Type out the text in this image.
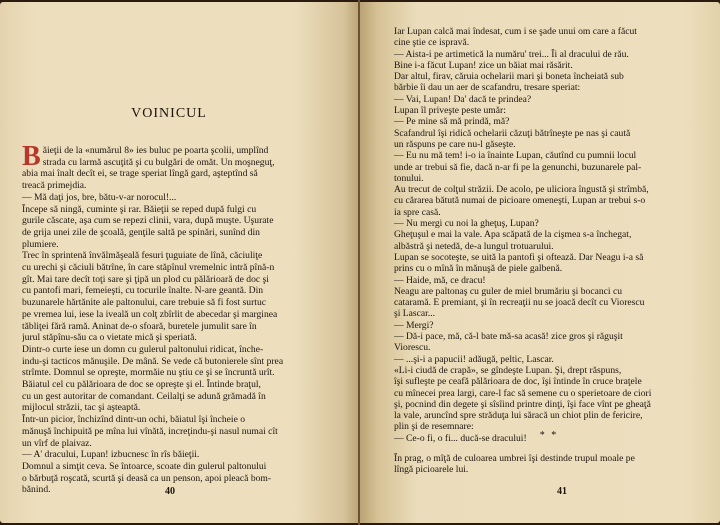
VOINICUL
B ăieţii de la «numărul 8» ies buluc pe poarta şcolii, umplînd
strada cu larmă ascuţită şi cu bulgări de omăt. Un moşneguţ,
abia mai înalt decît ei, se trage speriat lîngă gard, aşteptînd să
treacă primejdia.
— Mă daţi jos, bre, bătu-v-ar norocul!...
Începe să ningă, cuminte şi rar. Băieţii se reped după fulgi cu
gurile căscate, aşa cum se repezi clinii, vara, după muşte. Uşurate
de grija unei zile de şcoală, genţile saltă pe spinări, sunînd din
plumiere.
Trec în sprintenă învălmăşeală fesuri ţuguiate de lînă, căciuliţe
cu urechi şi căciuli bătrîne, în care stăpînul vremelnic intră pînă-n
gît. Mai tare decît toţi sare şi ţipă un plod cu pălărioară de doc şi
cu pantofi mari, femeieşti, cu tocurile înalte. N-are geantă. Din
buzunarele hărtănite ale paltonului, care trebuie să fi fost surtuc
pe vremea lui, iese la iveală un colţ zbîrlit de abecedar şi marginea
tăbliţei fără ramă. Aninat de-o sfoară, buretele jumulit sare în
jurul stăpînu-său ca o vietate mică şi speriată.
Dintr-o curte iese un domn cu gulerul paltonului ridicat, înche-
indu-şi tacticos mănuşile. De mână. Se vede că butonierele sînt prea
strîmte. Domnul se opreşte, mormăie nu ştiu ce şi se încruntă urît.
Băiatul cel cu pălărioara de doc se opreşte şi el. Întinde braţul,
cu un gest autoritar de comandant. Ceilalţi se adună grămadă în
mijlocul străzii, tac şi aşteaptă.
Într-un picior, închizînd dintr-un ochi, băiatul îşi încheie o
mănuşă închipuită pe mîna lui vînătă, increţindu-şi nasul numai cît
un vîrf de plaivaz.
— A' dracului, Lupan! izbucnesc în rîs băieţii.
Domnul a simţit ceva. Se întoarce, scoate din gulerul paltonului
o bărbuţă roşcată, scurtă şi deasă ca un penson, apoi pleacă bom-
bănind.	40
Iar Lupan calcă mai îndesat, cum i se şade unui om care a făcut
cine ştie ce ispravă.
— Aista-i pe artimetică la număru' trei... Îi al dracului de rău.
Bine i-a făcut Lupan! zice un băiat mai răsărit.
Dar altul, firav, căruia ochelarii mari şi boneta încheiată sub
bărbie îi dau un aer de scafandru, tresare speriat:
— Vai, Lupan! Da' dacă te prindea?
Lupan îl priveşte peste umăr:
— Pe mine să mă prindă, mă?
Scafandrul îşi ridică ochelarii căzuţi bătrîneşte pe nas şi caută
un răspuns pe care nu-l găseşte.
— Eu nu mă tem! i-o ia înainte Lupan, căutînd cu pumnii locul
unde ar trebui să fie, dacă n-ar fi pe la genunchi, buzunarele pal-
tonului.
Au trecut de colţul străzii. De acolo, pe uliciora îngustă şi strîmbă,
cu cărarea bătută numai de picioare omeneşti, Lupan ar trebui s-o
ia spre casă.
— Nu mergi cu noi la gheţuş, Lupan?
Gheţuşul e mai la vale. Apa scăpată de la cişmea s-a închegat,
albăstră şi netedă, de-a lungul trotuarului.
Lupan se socoteşte, se uită la pantofi şi oftează. Dar Neagu i-a să
prins cu o mînă în mănuşă de piele galbenă.
— Haide, mă, ce dracu!
Neagu are paltonaş cu guler de miel brumăriu şi bocanci cu
cataramă. E premiant, şi în recreaţii nu se joacă decît cu Viorescu
şi Lascar...
— Mergi?
— Dă-i pace, mă, că-l bate mă-sa acasă! zice gros şi răguşit
Viorescu.
— ...şi-i a papucii! adăugă, peltic, Lascar.
«Li-i ciudă de crapă», se gîndeşte Lupan. Şi, drept răspuns,
îşi sufleşte pe ceafă pălărioara de doc, îşi întinde în cruce braţele
cu mînecei prea largi, care-l fac să semene cu o sperietoare de ciori
şi, pocnind din degete şi sîsîind printre dinţi, îşi face vînt pe gheaţă
la vale, aruncînd spre străduţa lui săracă un chiot plin de fericire,
plin şi de resemnare:
— Ce-o fi, o fi... ducă-se dracului!	* *
În prag, o mîţă de culoarea umbrei îşi destinde trupul moale pe
lîngă picioarele lui.
41
